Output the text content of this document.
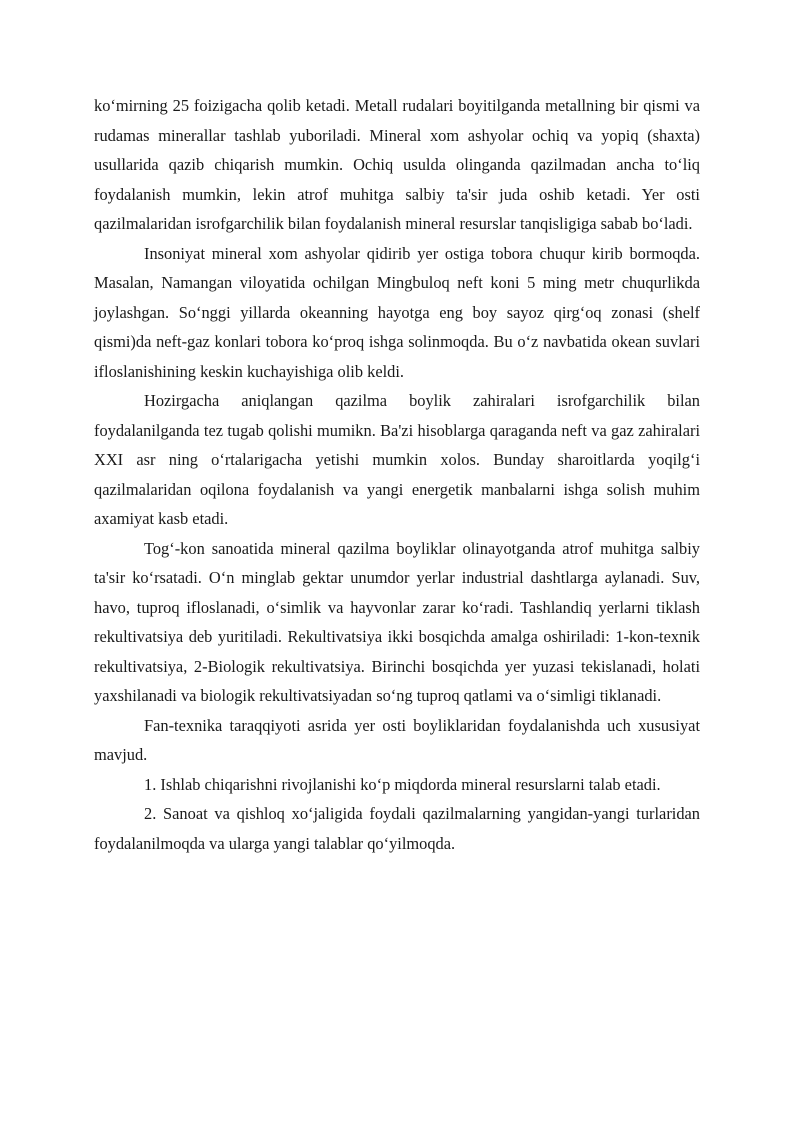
ko‘mirning 25 foizigacha qolib ketadi. Metall rudalari boyitilganda metallning bir qismi va rudamas minerallar tashlab yuboriladi. Mineral xom ashyolar ochiq va yopiq (shaxta) usullarida qazib chiqarish mumkin. Ochiq usulda olinganda qazilmadan ancha to‘liq foydalanish mumkin, lekin atrof muhitga salbiy ta'sir juda oshib ketadi. Yer osti qazilmalaridan isrofgarchilik bilan foydalanish mineral resurslar tanqisligiga sabab bo‘ladi.

Insoniyat mineral xom ashyolar qidirib yer ostiga tobora chuqur kirib bormoqda. Masalan, Namangan viloyatida ochilgan Mingbuloq neft koni 5 ming metr chuqurlikda joylashgan. So‘nggi yillarda okeanning hayotga eng boy sayoz qirg‘oq zonasi (shelf qismi)da neft-gaz konlari tobora ko‘proq ishga solinmoqda. Bu o‘z navbatida okean suvlari ifloslanishining keskin kuchayishiga olib keldi.

Hozirgacha aniqlangan qazilma boylik zahiralari isrofgarchilik bilan foydalanilganda tez tugab qolishi mumikn. Ba'zi hisoblarga qaraganda neft va gaz zahiralari XXI asr ning o‘rtalarigacha yetishi mumkin xolos. Bunday sharoitlarda yoqilg‘i qazilmalaridan oqilona foydalanish va yangi energetik manbalarni ishga solish muhim axamiyat kasb etadi.

Tog‘-kon sanoatida mineral qazilma boyliklar olinayotganda atrof muhitga salbiy ta'sir ko‘rsatadi. O‘n minglab gektar unumdor yerlar industrial dashtlarga aylanadi. Suv, havo, tuproq ifloslanadi, o‘simlik va hayvonlar zarar ko‘radi. Tashlandiq yerlarni tiklash rekultivatsiya deb yuritiladi. Rekultivatsiya ikki bosqichda amalga oshiriladi: 1-kon-texnik rekultivatsiya, 2-Biologik rekultivatsiya. Birinchi bosqichda yer yuzasi tekislanadi, holati yaxshilanadi va biologik rekultivatsiyadan so‘ng tuproq qatlami va o‘simligi tiklanadi.

Fan-texnika taraqqiyoti asrida yer osti boyliklaridan foydalanishda uch xususiyat mavjud.

1. Ishlab chiqarishni rivojlanishi ko‘p miqdorda mineral resurslarni talab etadi.

2. Sanoat va qishloq xo‘jaligida foydali qazilmalarning yangidan-yangi turlaridan foydalanilmoqda va ularga yangi talablar qo‘yilmoqda.
